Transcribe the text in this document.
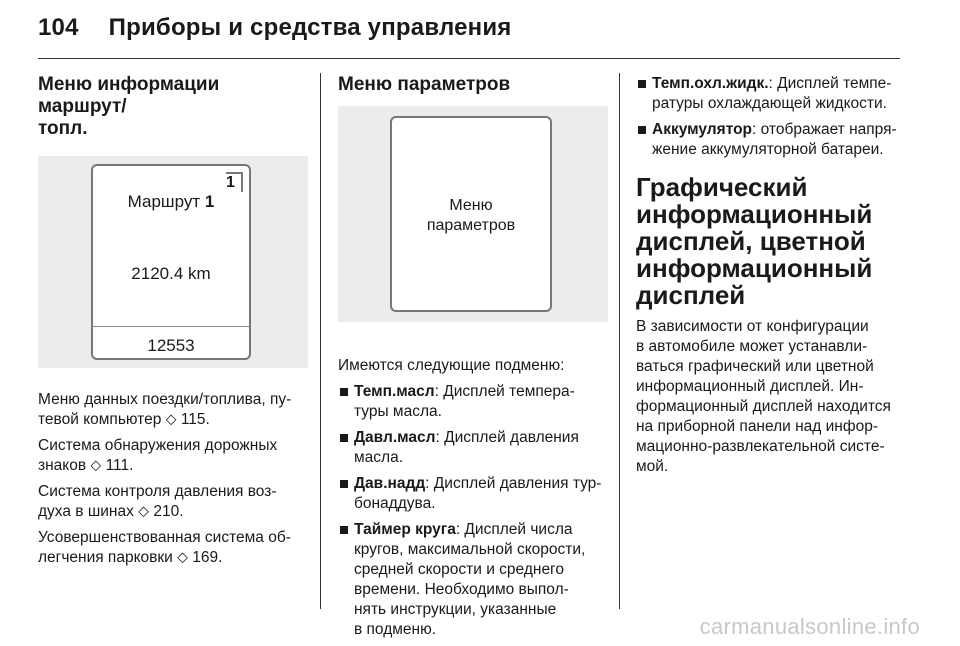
104 Приборы и средства управления
Меню информации маршрут/
топл.
1
Маршрут 1
2120.4 km
12553

Меню данных поездки/топлива, пу-
тевой компьютер ⬦ 115.

Система обнаружения дорожных
знаков ⬦ 111.

Система контроля давления воз-
духа в шинах ⬦ 210.

Усовершенствованная система об-
легчения парковки ⬦ 169.

Меню параметров
Меню
параметров

Имеются следующие подменю:

Темп.масл: Дисплей темпера-
туры масла.
Давл.масл: Дисплей давления
масла.
Дав.надд: Дисплей давления тур-
бонаддува.
Таймер круга: Дисплей числа
кругов, максимальной скорости,
средней скорости и среднего
времени. Необходимо выпол-
нять инструкции, указанные
в подменю.
Темп.охл.жидк.: Дисплей темпе-
ратуры охлаждающей жидкости.
Аккумулятор: отображает напря-
жение аккумуляторной батареи.
Графический
информационный
дисплей, цветной
информационный
дисплей

В зависимости от конфигурации
в автомобиле может устанавли-
ваться графический или цветной
информационный дисплей. Ин-
формационный дисплей находится
на приборной панели над инфор-
мационно-развлекательной систе-
мой.

carmanualsonline.info
